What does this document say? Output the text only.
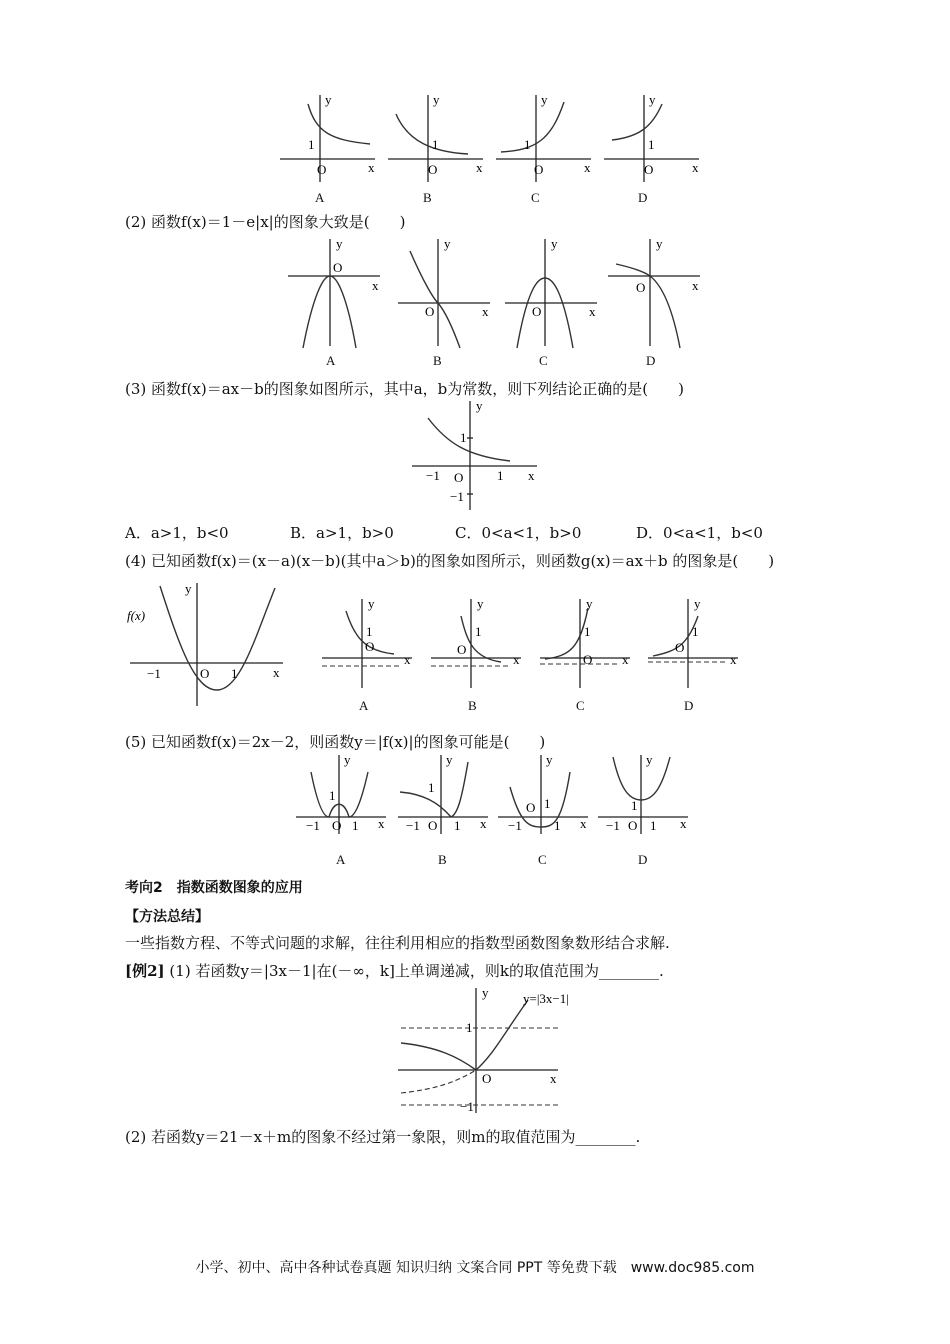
y
x
O
1
y
x
O
1
y
x
O
1
y
x
O
1
A	B	C	D
(2) 函数f(x)＝1－e|x|的图象大致是(　　)
y
x
O
y
x
O
y
x
O
y
x
O
A	B	C	D
(3) 函数f(x)＝ax－b的图象如图所示，其中a，b为常数，则下列结论正确的是(　　)
y
x
O
1
−1	1
−1
A．a>1，b<0	B．a>1，b>0	C．0<a<1，b>0	D．0<a<1，b<0
(4) 已知函数f(x)＝(x－a)(x－b)(其中a＞b)的图象如图所示，则函数g(x)＝ax＋b 的图象是(　　)
f(x)
y
x
O
−1	1
y
x
O
1
y
x
O
1
y
x
O
1
y
x
O
1
A	B	C	D
(5) 已知函数f(x)＝2x－2，则函数y＝|f(x)|的图象可能是(　　)
y
x
O
1
−1 1
y
x
O
1
−1	1
y
x
O 1
−1 1
y
x
O
1
−1 1
A	B	C	D
考向2　指数函数图象的应用
【方法总结】
一些指数方程、不等式问题的求解，往往利用相应的指数型函数图象数形结合求解.
[例2] (1) 若函数y＝|3x－1|在(－∞，k]上单调递减，则k的取值范围为________.
y
x
O
1
−1
y=|3x−1|
(2) 若函数y＝21－x＋m的图象不经过第一象限，则m的取值范围为________.
小学、初中、高中各种试卷真题 知识归纳 文案合同 PPT 等免费下载　www.doc985.com
